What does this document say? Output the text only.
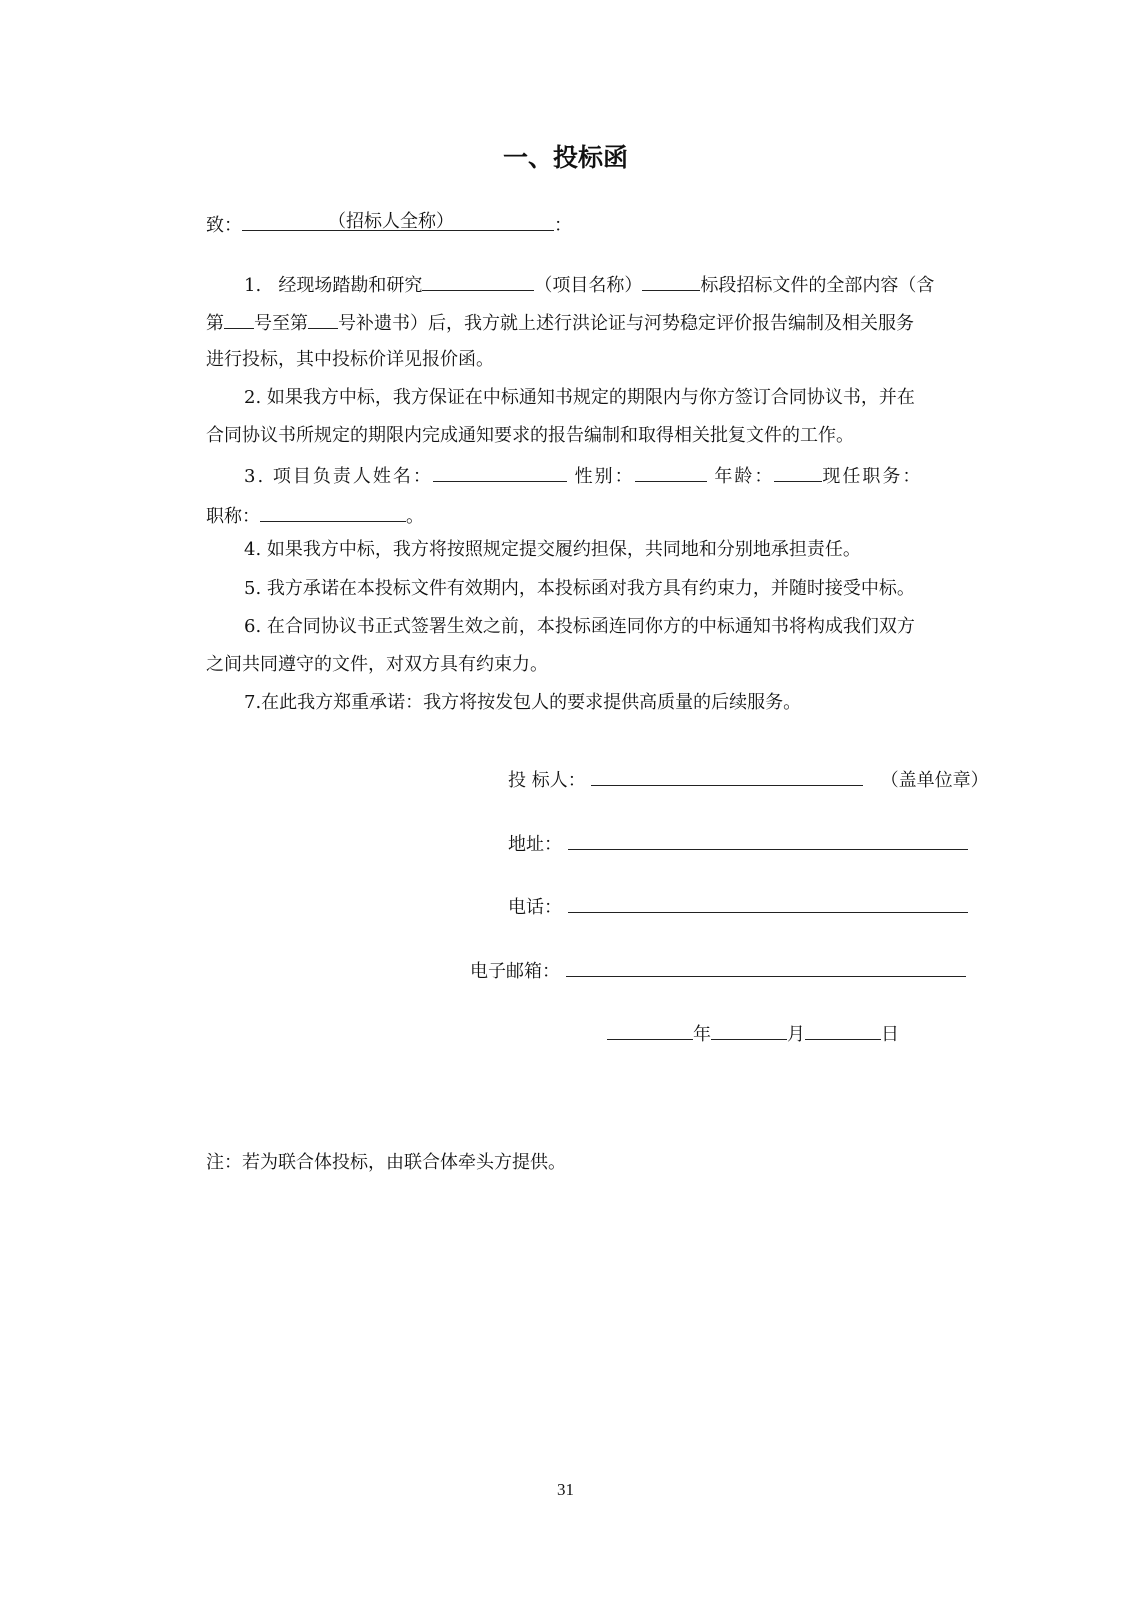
一、投标函
致：	（招标人全称）	：
1. 经现场踏勘和研究	（项目名称）	标段招标文件的全部内容（含
第 号至第 号补遗书）后，我方就上述行洪论证与河势稳定评价报告编制及相关服务
进行投标，其中投标价详见报价函。
2. 如果我方中标，我方保证在中标通知书规定的期限内与你方签订合同协议书，并在
合同协议书所规定的期限内完成通知要求的报告编制和取得相关批复文件的工作。
3. 项目负责人姓名：	性别：	年龄：	现任职务：
职称：	。
4. 如果我方中标，我方将按照规定提交履约担保，共同地和分别地承担责任。
5. 我方承诺在本投标文件有效期内，本投标函对我方具有约束力，并随时接受中标。
6. 在合同协议书正式签署生效之前，本投标函连同你方的中标通知书将构成我们双方
之间共同遵守的文件，对双方具有约束力。
7.在此我方郑重承诺：我方将按发包人的要求提供高质量的后续服务。
投 标人：	（盖单位章）
地址：
电话：
电子邮箱：
年	月	日
注：若为联合体投标，由联合体牵头方提供。
31
